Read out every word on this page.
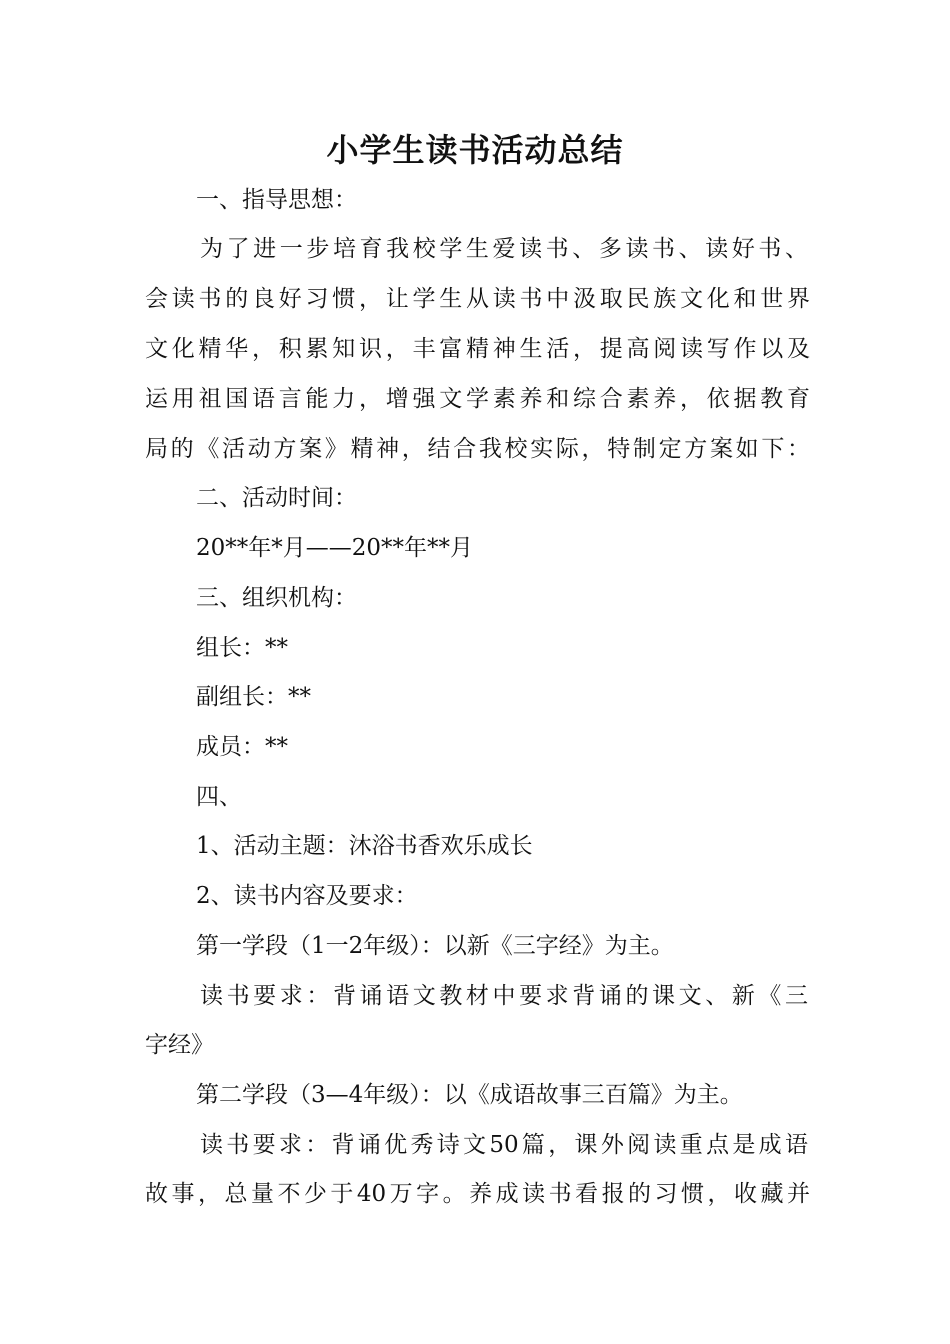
小学生读书活动总结
一、指导思想：
为了进一步培育我校学生爱读书、多读书、读好书、
会读书的良好习惯，让学生从读书中汲取民族文化和世界
文化精华，积累知识，丰富精神生活，提高阅读写作以及
运用祖国语言能力，增强文学素养和综合素养，依据教育
局的《活动方案》精神，结合我校实际，特制定方案如下：
二、活动时间：
20**年*月——20**年**月
三、组织机构：
组长：**
副组长：**
成员：**
四、
1、活动主题：沐浴书香欢乐成长
2、读书内容及要求：
第一学段（1一2年级）：以新《三字经》为主。
读书要求：背诵语文教材中要求背诵的课文、新《三
字经》
第二学段（3—4年级）：以《成语故事三百篇》为主。
读书要求：背诵优秀诗文50篇，课外阅读重点是成语
故事，总量不少于40万字。养成读书看报的习惯，收藏并
